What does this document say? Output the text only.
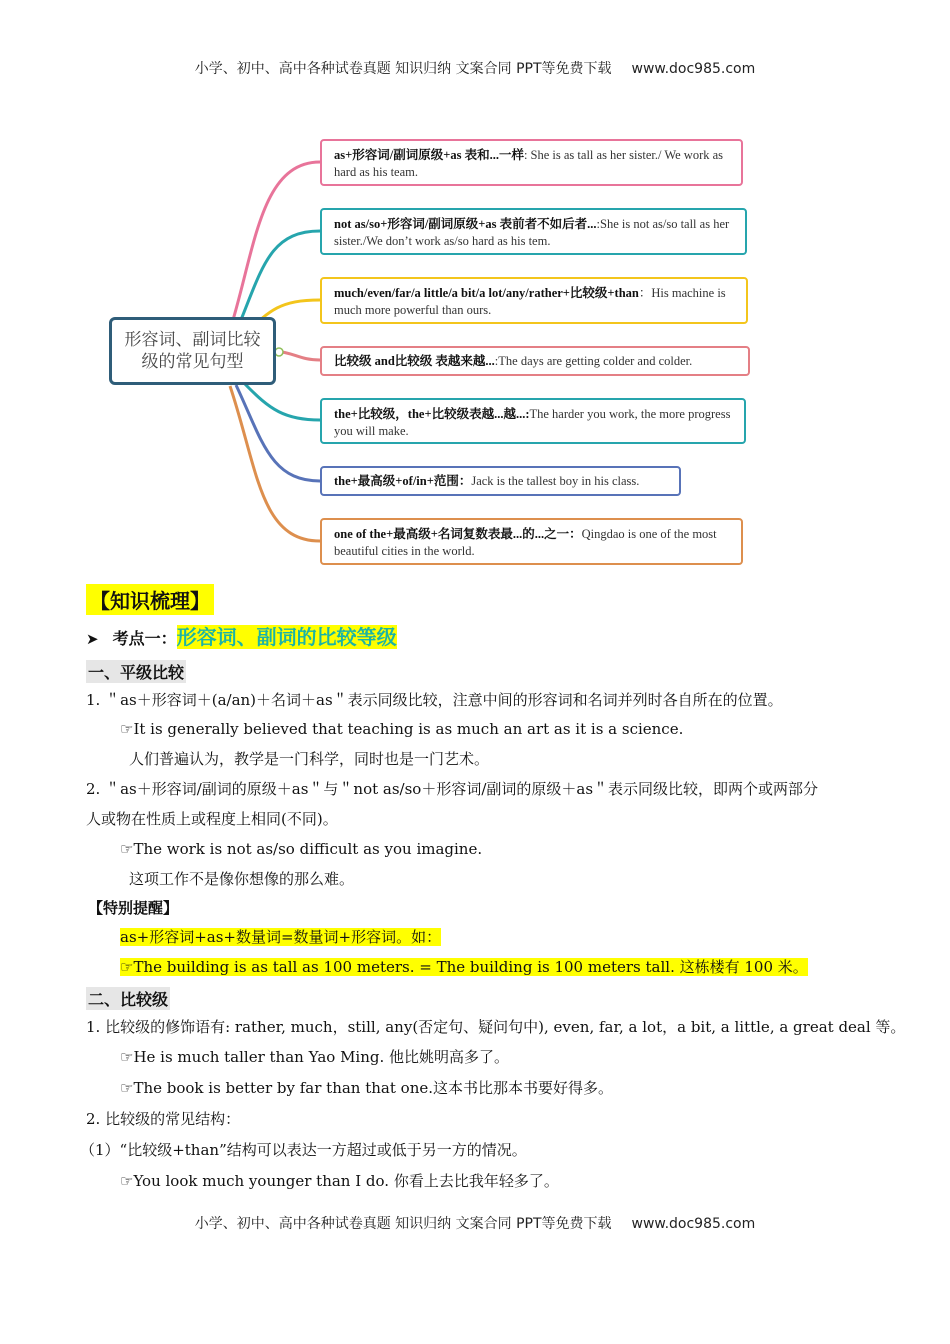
小学、初中、高中各种试卷真题 知识归纳 文案合同 PPT等免费下载 www.doc985.com
形容词、副词比较级的常见句型
as+形容词/副词原级+as 表和...一样: She is as tall as her sister./ We work as hard as his team.
not as/so+形容词/副词原级+as 表前者不如后者...:She is not as/so tall as her sister./We don’t work as/so hard as his tem.
much/even/far/a little/a bit/a lot/any/rather+比较级+than：His machine is much more powerful than ours.
比较级 and比较级 表越来越...:The days are getting colder and colder.
the+比较级，the+比较级表越...越...:The harder you work, the more progress you will make.
the+最高级+of/in+范围：Jack is the tallest boy in his class.
one of the+最高级+名词复数表最...的...之一：Qingdao is one of the most beautiful cities in the world.
【知识梳理】
➤ 考点一：形容词、副词的比较等级
一、平级比较
1. ＂as＋形容词＋(a/an)＋名词＋as＂表示同级比较，注意中间的形容词和名词并列时各自所在的位置。
☞It is generally believed that teaching is as much an art as it is a science.
人们普遍认为，教学是一门科学，同时也是一门艺术。
2. ＂as＋形容词/副词的原级＋as＂与＂not as/so＋形容词/副词的原级＋as＂表示同级比较，即两个或两部分
人或物在性质上或程度上相同(不同)。
☞The work is not as/so difficult as you imagine.
这项工作不是像你想像的那么难。
【特别提醒】
as+形容词+as+数量词=数量词+形容词。如：
☞The building is as tall as 100 meters. = The building is 100 meters tall. 这栋楼有 100 米。
二、比较级
1. 比较级的修饰语有: rather, much，still, any(否定句、疑问句中), even, far, a lot，a bit, a little, a great deal 等。
☞He is much taller than Yao Ming. 他比姚明高多了。
☞The book is better by far than that one.这本书比那本书要好得多。
2. 比较级的常见结构：
（1）“比较级+than”结构可以表达一方超过或低于另一方的情况。
☞You look much younger than I do. 你看上去比我年轻多了。
小学、初中、高中各种试卷真题 知识归纳 文案合同 PPT等免费下载 www.doc985.com
